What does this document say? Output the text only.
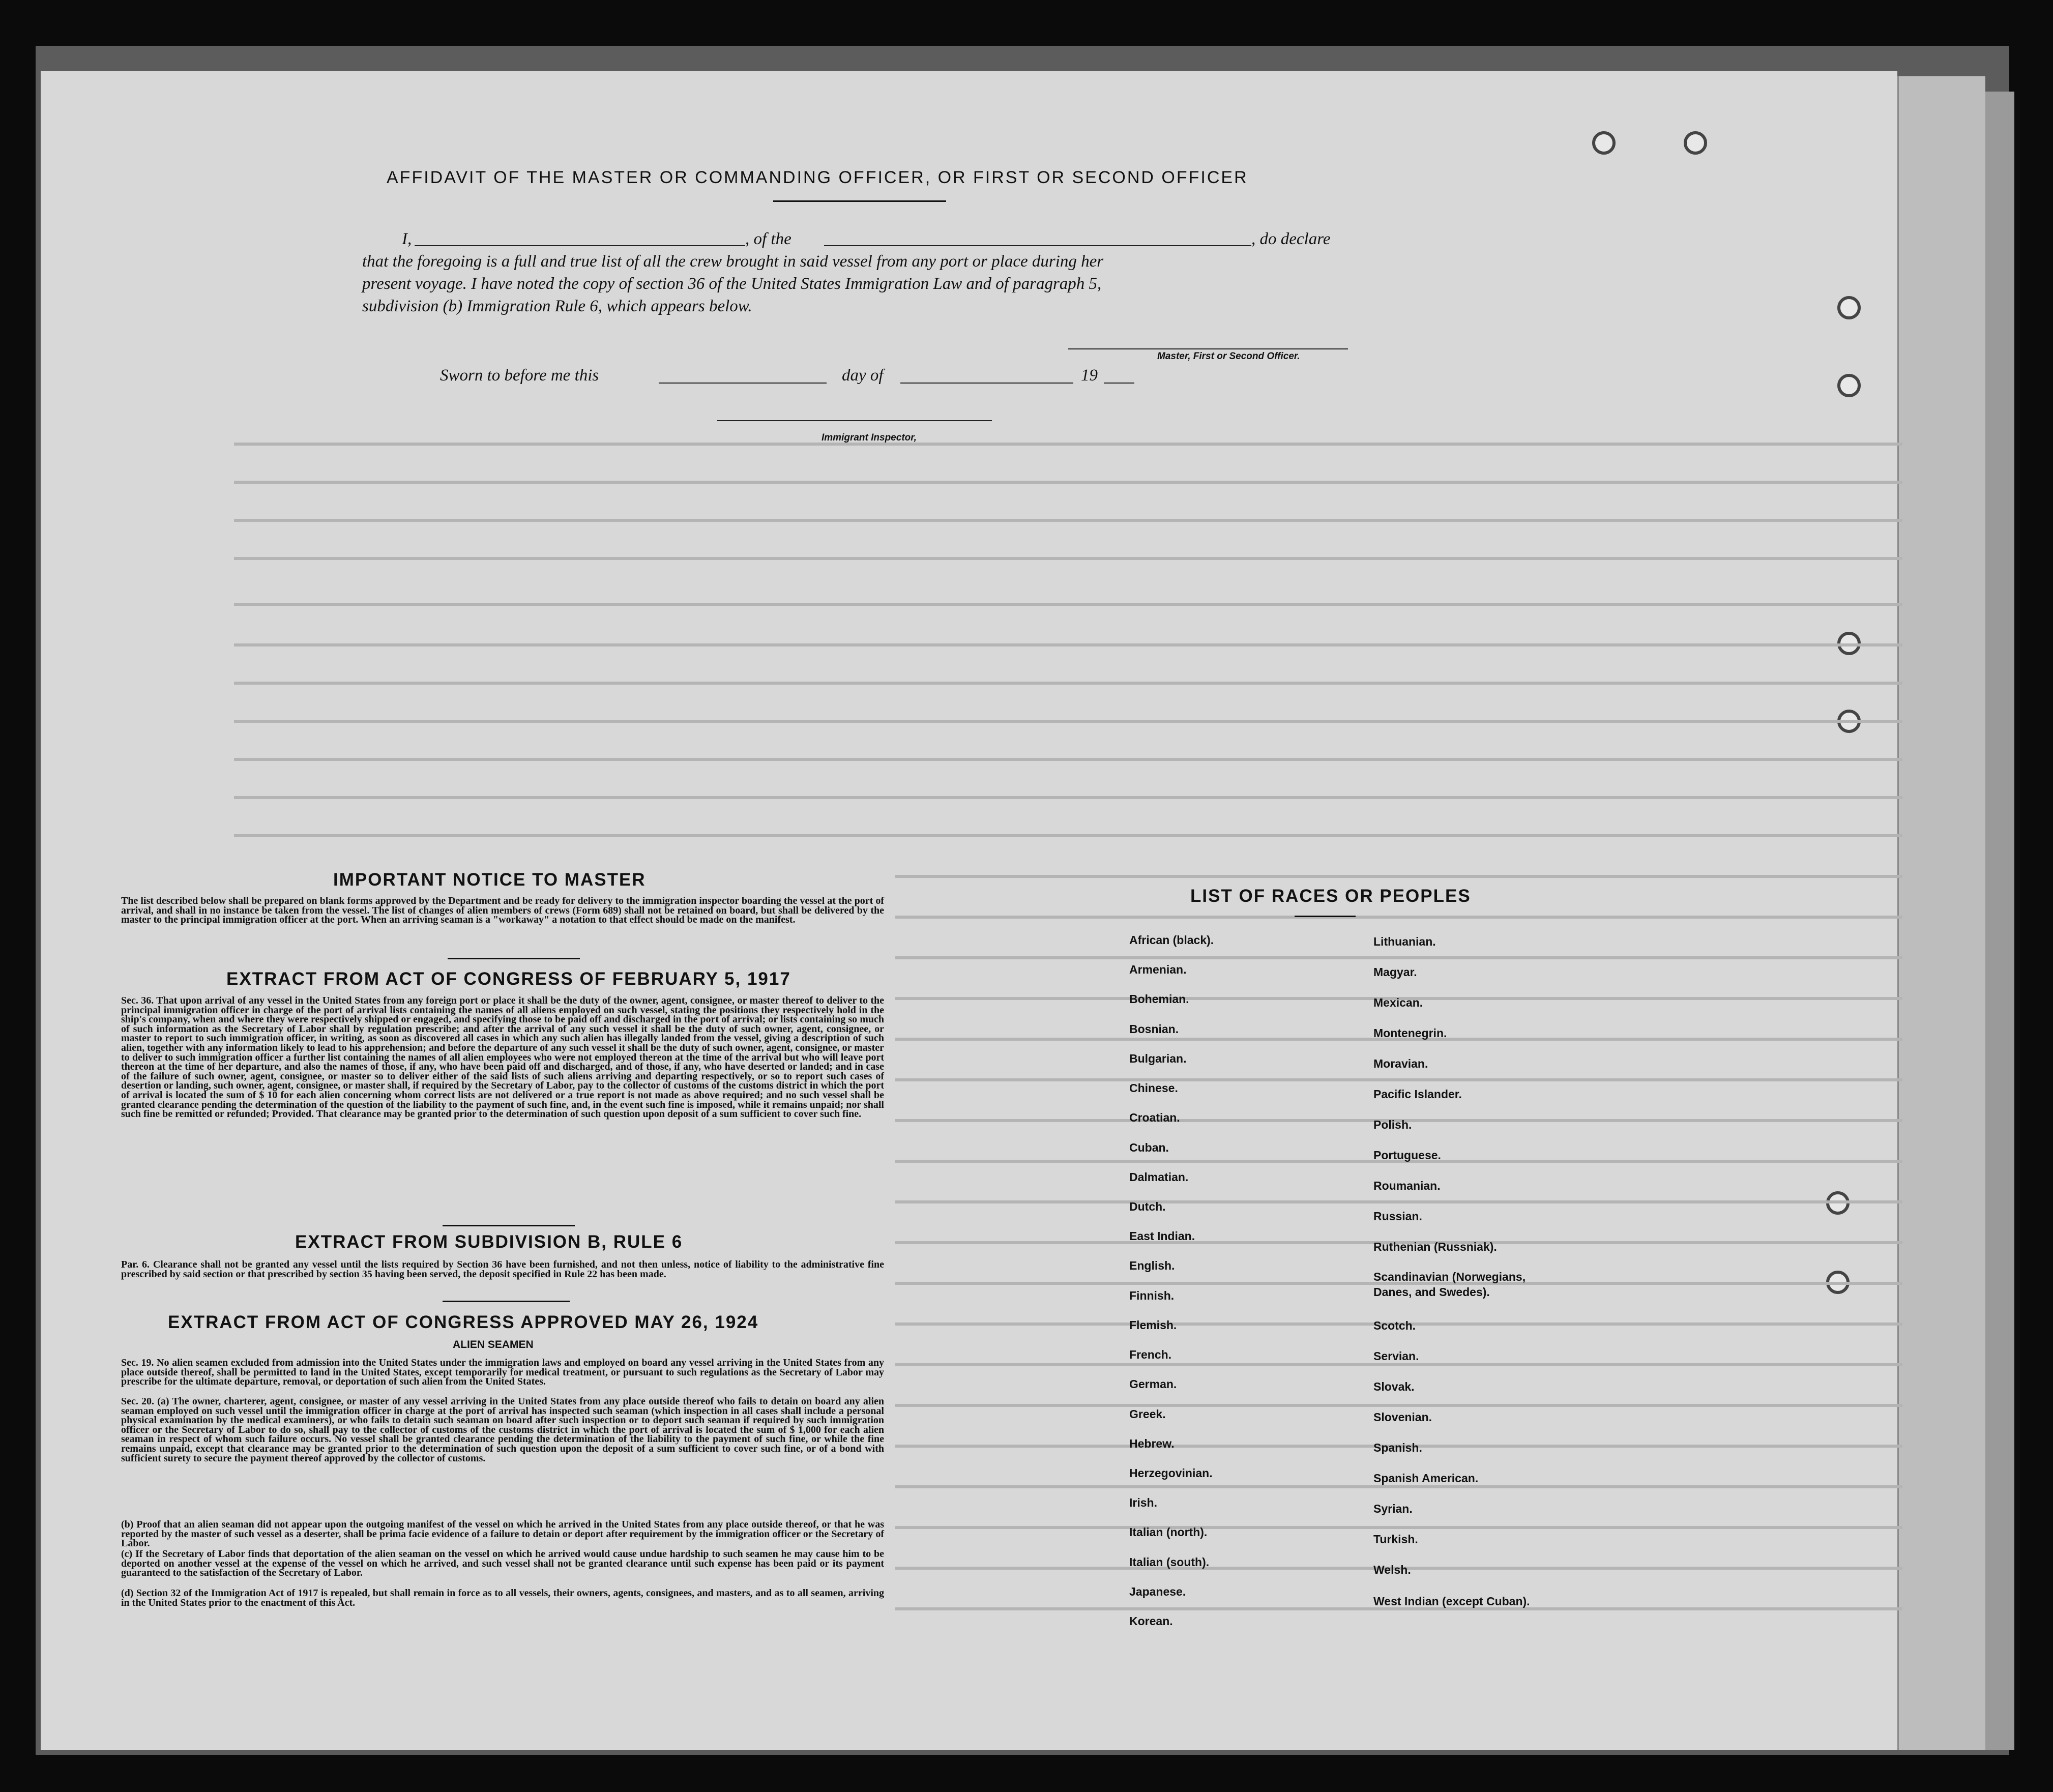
AFFIDAVIT OF THE MASTER OR COMMANDING OFFICER, OR FIRST OR SECOND OFFICER
I,	, of the	, do declare
that the foregoing is a full and true list of all the crew brought in said vessel from any port or place during her
present voyage. I have noted the copy of section 36 of the United States Immigration Law and of paragraph 5,
subdivision (b) Immigration Rule 6, which appears below.
Master, First or Second Officer.
Sworn to before me this	day of	19
Immigrant Inspector,
IMPORTANT NOTICE TO MASTER
The list described below shall be prepared on blank forms approved by the Department and be ready for delivery to the immigration inspector boarding the vessel at the port of arrival, and shall in no instance be taken from the vessel. The list of changes of alien members of crews (Form 689) shall not be retained on board, but shall be delivered by the master to the principal immigration officer at the port. When an arriving seaman is a "workaway" a notation to that effect should be made on the manifest.
EXTRACT FROM ACT OF CONGRESS OF FEBRUARY 5, 1917
Sec. 36. That upon arrival of any vessel in the United States from any foreign port or place it shall be the duty of the owner, agent, consignee, or master thereof to deliver to the principal immigration officer in charge of the port of arrival lists containing the names of all aliens employed on such vessel, stating the positions they respectively hold in the ship's company, when and where they were respectively shipped or engaged, and specifying those to be paid off and discharged in the port of arrival; or lists containing so much of such information as the Secretary of Labor shall by regulation prescribe; and after the arrival of any such vessel it shall be the duty of such owner, agent, consignee, or master to report to such immigration officer, in writing, as soon as discovered all cases in which any such alien has illegally landed from the vessel, giving a description of such alien, together with any information likely to lead to his apprehension; and before the departure of any such vessel it shall be the duty of such owner, agent, consignee, or master to deliver to such immigration officer a further list containing the names of all alien employees who were not employed thereon at the time of the arrival but who will leave port thereon at the time of her departure, and also the names of those, if any, who have been paid off and discharged, and of those, if any, who have deserted or landed; and in case of the failure of such owner, agent, consignee, or master so to deliver either of the said lists of such aliens arriving and departing respectively, or so to report such cases of desertion or landing, such owner, agent, consignee, or master shall, if required by the Secretary of Labor, pay to the collector of customs of the customs district in which the port of arrival is located the sum of $ 10 for each alien concerning whom correct lists are not delivered or a true report is not made as above required; and no such vessel shall be granted clearance pending the determination of the question of the liability to the payment of such fine, and, in the event such fine is imposed, while it remains unpaid; nor shall such fine be remitted or refunded; Provided. That clearance may be granted prior to the determination of such question upon deposit of a sum sufficient to cover such fine.
EXTRACT FROM SUBDIVISION B, RULE 6
Par. 6. Clearance shall not be granted any vessel until the lists required by Section 36 have been furnished, and not then unless, notice of liability to the administrative fine prescribed by said section or that prescribed by section 35 having been served, the deposit specified in Rule 22 has been made.
EXTRACT FROM ACT OF CONGRESS APPROVED MAY 26, 1924
ALIEN SEAMEN
Sec. 19. No alien seamen excluded from admission into the United States under the immigration laws and employed on board any vessel arriving in the United States from any place outside thereof, shall be permitted to land in the United States, except temporarily for medical treatment, or pursuant to such regulations as the Secretary of Labor may prescribe for the ultimate departure, removal, or deportation of such alien from the United States.
Sec. 20. (a) The owner, charterer, agent, consignee, or master of any vessel arriving in the United States from any place outside thereof who fails to detain on board any alien seaman employed on such vessel until the immigration officer in charge at the port of arrival has inspected such seaman (which inspection in all cases shall include a personal physical examination by the medical examiners), or who fails to detain such seaman on board after such inspection or to deport such seaman if required by such immigration officer or the Secretary of Labor to do so, shall pay to the collector of customs of the customs district in which the port of arrival is located the sum of $ 1,000 for each alien seaman in respect of whom such failure occurs. No vessel shall be granted clearance pending the determination of the liability to the payment of such fine, or while the fine remains unpaid, except that clearance may be granted prior to the determination of such question upon the deposit of a sum sufficient to cover such fine, or of a bond with sufficient surety to secure the payment thereof approved by the collector of customs.
(b) Proof that an alien seaman did not appear upon the outgoing manifest of the vessel on which he arrived in the United States from any place outside thereof, or that he was reported by the master of such vessel as a deserter, shall be prima facie evidence of a failure to detain or deport after requirement by the immigration officer or the Secretary of Labor.
(c) If the Secretary of Labor finds that deportation of the alien seaman on the vessel on which he arrived would cause undue hardship to such seamen he may cause him to be deported on another vessel at the expense of the vessel on which he arrived, and such vessel shall not be granted clearance until such expense has been paid or its payment guaranteed to the satisfaction of the Secretary of Labor.
(d) Section 32 of the Immigration Act of 1917 is repealed, but shall remain in force as to all vessels, their owners, agents, consignees, and masters, and as to all seamen, arriving in the United States prior to the enactment of this Act.
LIST OF RACES OR PEOPLES
African (black).
Armenian.
Bohemian.
Bosnian.
Bulgarian.
Chinese.
Croatian.
Cuban.
Dalmatian.
Dutch.
East Indian.
English.
Finnish.
Flemish.
French.
German.
Greek.
Hebrew.
Herzegovinian.
Irish.
Italian (north).
Italian (south).
Japanese.
Korean.
Lithuanian.
Magyar.
Mexican.
Montenegrin.
Moravian.
Pacific Islander.
Polish.
Portuguese.
Roumanian.
Russian.
Ruthenian (Russniak).
Scandinavian (Norwegians, Danes, and Swedes).
Scotch.
Servian.
Slovak.
Slovenian.
Spanish.
Spanish American.
Syrian.
Turkish.
Welsh.
West Indian (except Cuban).
